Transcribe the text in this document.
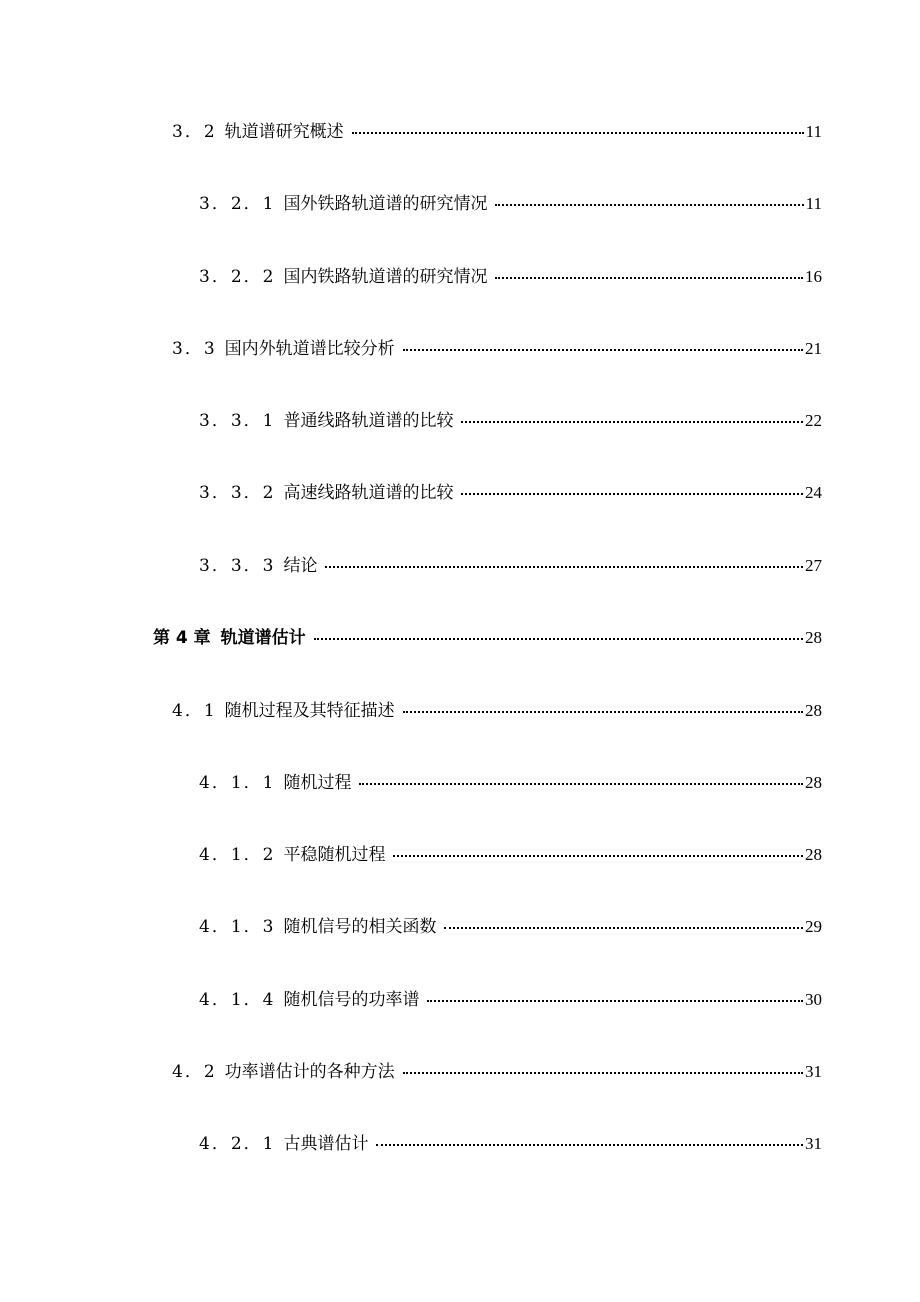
3．2 轨道谱研究概述	11
3．2．1 国外铁路轨道谱的研究情况	11
3．2．2 国内铁路轨道谱的研究情况	16
3．3 国内外轨道谱比较分析	21
3．3．1 普通线路轨道谱的比较	22
3．3．2 高速线路轨道谱的比较	24
3．3．3 结论	27
第 4 章 轨道谱估计	28
4．1 随机过程及其特征描述	28
4．1．1 随机过程	28
4．1．2 平稳随机过程	28
4．1．3 随机信号的相关函数	29
4．1．4 随机信号的功率谱	30
4．2 功率谱估计的各种方法	31
4．2．1 古典谱估计	31
